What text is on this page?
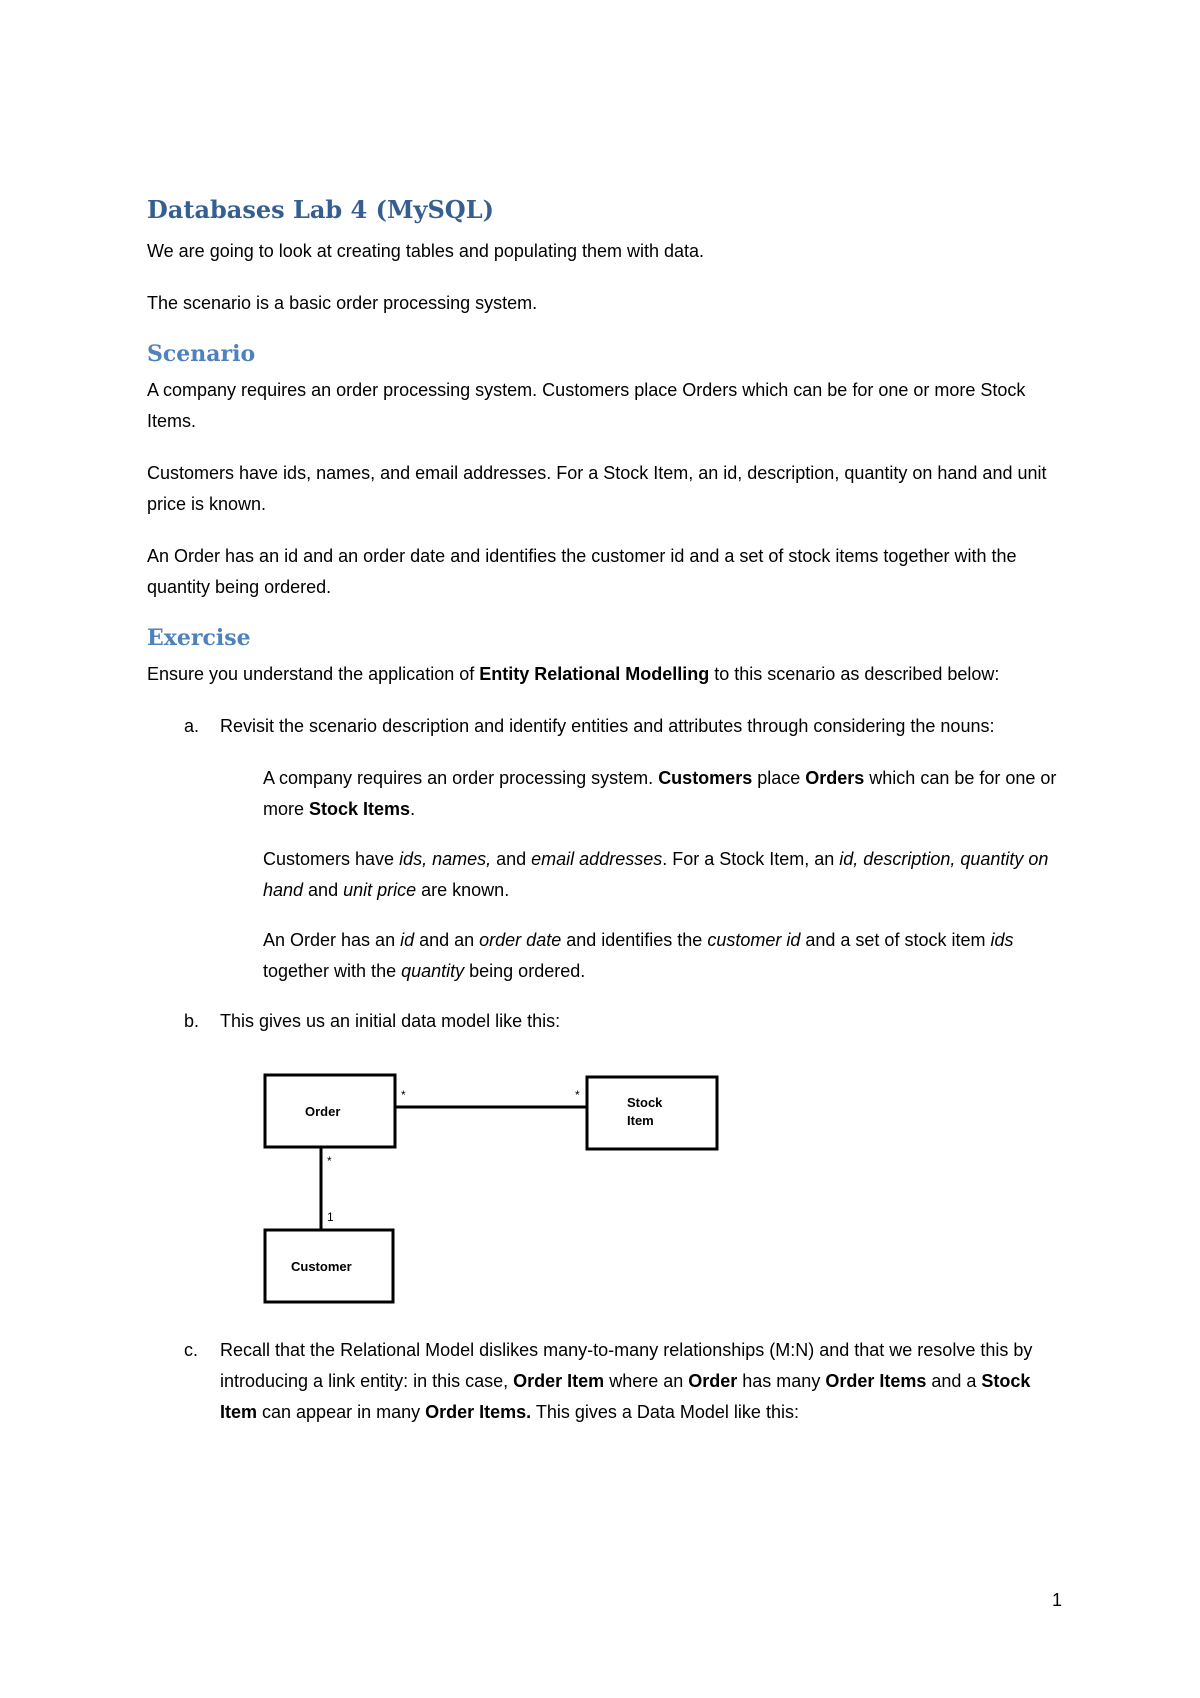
Databases Lab 4 (MySQL)

We are going to look at creating tables and populating them with data.

The scenario is a basic order processing system.

Scenario

A company requires an order processing system. Customers place Orders which can be for one or more Stock Items.

Customers have ids, names, and email addresses. For a Stock Item, an id, description, quantity on hand and unit price is known.

An Order has an id and an order date and identifies the customer id and a set of stock items together with the quantity being ordered.

Exercise

Ensure you understand the application of Entity Relational Modelling to this scenario as described below:

a. Revisit the scenario description and identify entities and attributes through considering the nouns:

A company requires an order processing system. Customers place Orders which can be for one or more Stock Items.

Customers have ids, names, and email addresses. For a Stock Item, an id, description, quantity on hand and unit price are known.

An Order has an id and an order date and identifies the customer id and a set of stock item ids together with the quantity being ordered.

b. This gives us an initial data model like this:
Order
Stock
Item
Customer
*	*
*
1
c. Recall that the Relational Model dislikes many-to-many relationships (M:N) and that we resolve this by introducing a link entity: in this case, Order Item where an Order has many Order Items and a Stock Item can appear in many Order Items. This gives a Data Model like this:
1
